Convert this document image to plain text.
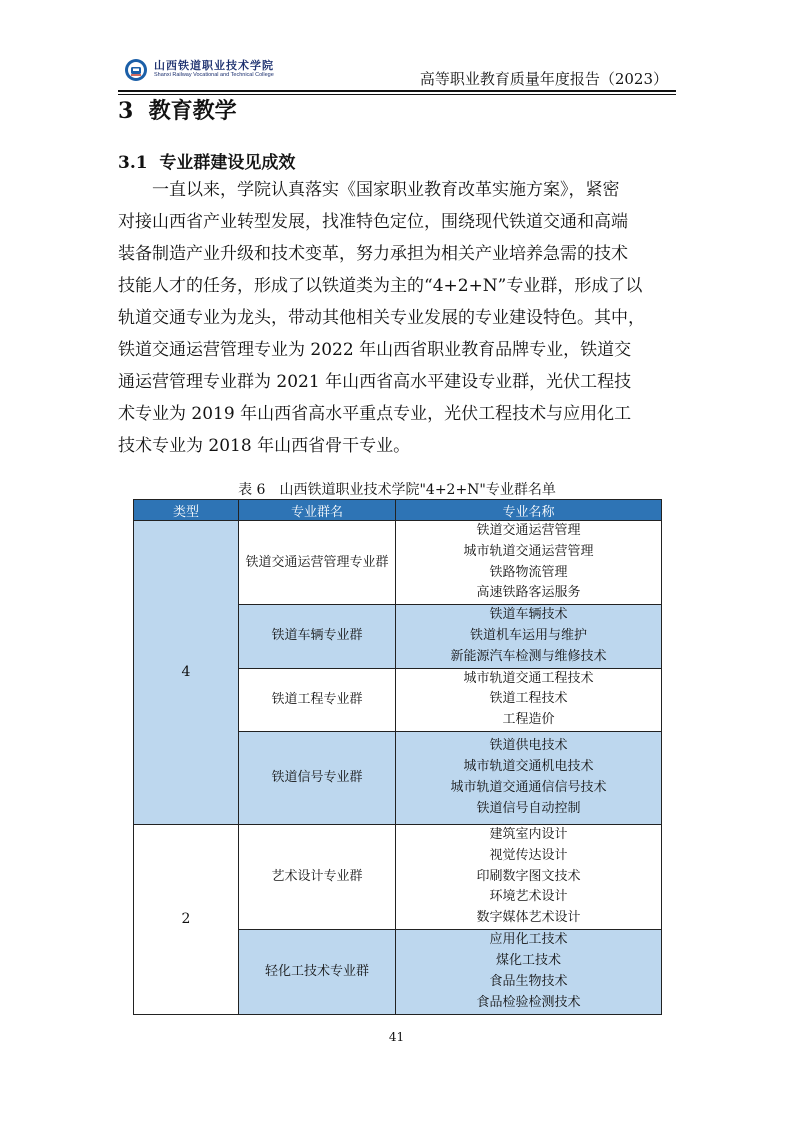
山西铁道职业技术学院
Shanxi Railway Vocational and Technical College	高等职业教育质量年度报告（2023）
3 教育教学
3.1 专业群建设见成效
　　一直以来，学院认真落实《国家职业教育改革实施方案》，紧密
对接山西省产业转型发展，找准特色定位，围绕现代铁道交通和高端
装备制造产业升级和技术变革，努力承担为相关产业培养急需的技术
技能人才的任务，形成了以铁道类为主的“4+2+N”专业群，形成了以
轨道交通专业为龙头，带动其他相关专业发展的专业建设特色。其中，
铁道交通运营管理专业为 2022 年山西省职业教育品牌专业，铁道交
通运营管理专业群为 2021 年山西省高水平建设专业群，光伏工程技
术专业为 2019 年山西省高水平重点专业，光伏工程技术与应用化工
技术专业为 2018 年山西省骨干专业。
表 6　山西铁道职业技术学院"4+2+N"专业群名单
类型	专业群名	专业名称
4	铁道交通运营管理专业群	铁道交通运营管理
城市轨道交通运营管理
铁路物流管理
高速铁路客运服务

	铁道车辆专业群	铁道车辆技术
铁道机车运用与维护
新能源汽车检测与维修技术

	铁道工程专业群	城市轨道交通工程技术
铁道工程技术
工程造价

	铁道信号专业群	铁道供电技术
城市轨道交通机电技术
城市轨道交通通信信号技术
铁道信号自动控制

2	艺术设计专业群	建筑室内设计
视觉传达设计
印刷数字图文技术
环境艺术设计
数字媒体艺术设计

	轻化工技术专业群	应用化工技术
煤化工技术
食品生物技术
食品检验检测技术
41
